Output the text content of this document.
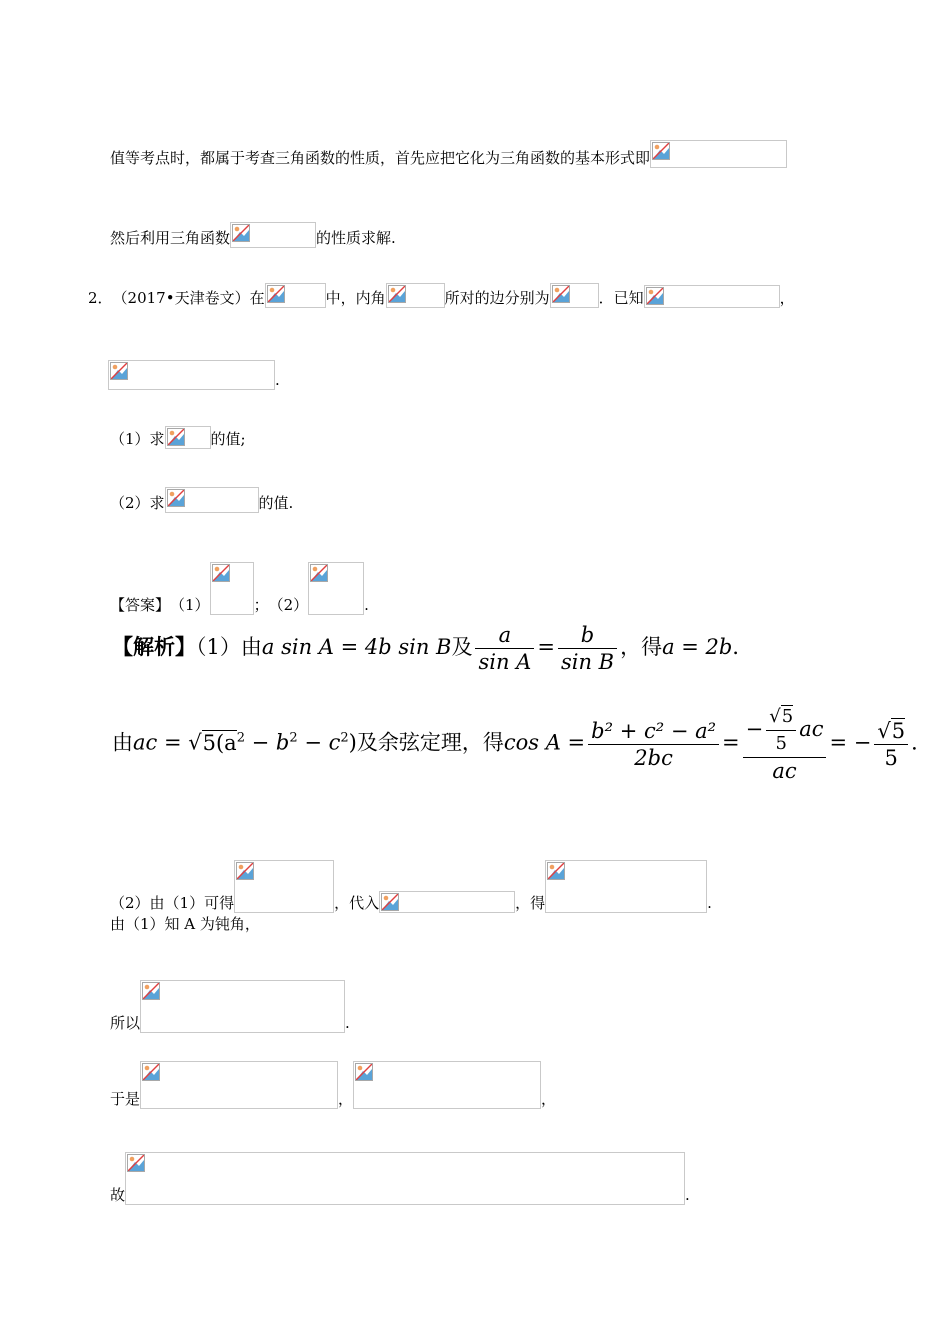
值等考点时，都属于考查三角函数的性质，首先应把它化为三角函数的基本形式即
然后利用三角函数	的性质求解.
2．（2017•天津卷文）在	中，内角	所对的边分别为	．已知	，
.
（1）求	的值;
（2）求	的值.
【答案】（1）	；（2）	.
【解析】（1）由a sin A = 4b sin B及 $\frac{a}{\text{sin A}} = \frac{b}{\text{sin B}}$ ，得a = 2b．
由ac = $√5(a^2 - b^2 - c^2)$及余弦定理，得$\cos A = \frac{\text{b² + c² − a²}}{2bc} = \frac{- \frac{√5}{5} ac}{ac}$ = − $\frac{√5}{5}$ ．
（2）由（1）可得	，代入	，得	.
由（1）知 A 为钝角，
所以	.
于是	，	，
故	.
